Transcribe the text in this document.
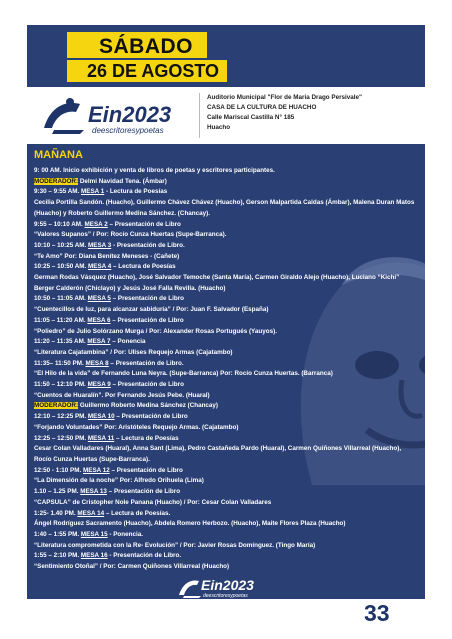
SÁBADO
26 DE AGOSTO
Ein2023
deescritoresypoetas
Auditorio Municipal "Flor de María Drago Persivale"
CASA DE LA CULTURA DE HUACHO
Calle Mariscal Castilla N° 185
Huacho
MAÑANA
9: 00 AM. Inicio exhibición y venta de libros de poetas y escritores participantes.
MODERADOR: Delmi Navidad Tena. (Ámbar)
9:30 – 9:55 AM. MESA 1 - Lectura de Poesías
Cecilia Portilla Sandón. (Huacho), Guillermo Chávez Chávez (Huacho), Gerson Malpartida Caldas (Ámbar), Malena Duran Matos (Huacho) y Roberto Guillermo Medina Sánchez. (Chancay).
9:55 – 10:10 AM. MESA 2 – Presentación de Libro
“Valores Supanos” / Por: Rocío Cunza Huertas (Supe-Barranca).
10:10 – 10:25 AM. MESA 3 - Presentación de Libro.
“Te Amo” Por: Diana Benítez Meneses - (Cañete)
10:25 – 10:50 AM. MESA 4 – Lectura de Poesías
German Rodas Vásquez (Huacho), José Salvador Temoche (Santa María), Carmen Giraldo Alejo (Huacho), Luciano “Kichi” Berger Calderón (Chiclayo) y Jesús José Falla Revilla. (Huacho)
10:50 – 11:05 AM. MESA 5 – Presentación de Libro
“Cuentecillos de luz, para alcanzar sabiduría” / Por: Juan F. Salvador (España)
11:05 – 11:20 AM. MESA 6 – Presentación de Libro
“Poliedro” de Julio Solórzano Murga / Por: Alexander Rosas Portugués (Yauyos).
11:20 – 11:35 AM. MESA 7 – Ponencia
“Literatura Cajatambina” / Por: Ulises Requejo Armas (Cajatambo)
11:35– 11:50 PM. MESA 8 – Presentación de Libro.
“El Hilo de la vida” de Fernando Luna Neyra. (Supe-Barranca) Por: Rocío Cunza Huertas. (Barranca)
11:50 – 12:10 PM. MESA 9 – Presentación de Libro
“Cuentos de Huaralín”. Por Fernando Jesús Pebe. (Huaral)
MODERADOR: Guillermo Roberto Medina Sánchez (Chancay)
12:10 – 12:25 PM. MESA 10 – Presentación de Libro
“Forjando Voluntades” Por: Aristóteles Requejo Armas. (Cajatambo)
12:25 – 12:50 PM. MESA 11 – Lectura de Poesías
Cesar Colan Valladares (Huaral), Anna Sant (Lima), Pedro Castañeda Pardo (Huaral), Carmen Quiñones Villarreal (Huacho), Rocío Cunza Huertas (Supe-Barranca).
12:50 - 1:10 PM. MESA 12 – Presentación de Libro
“La Dimensión de la noche” Por: Alfredo Orihuela (Lima)
1.10 – 1.25 PM. MESA 13 – Presentación de Libro
“CAPSULA” de Cristopher Nole Panana (Huacho) / Por: Cesar Colan Valladares
1:25- 1.40 PM. MESA 14 – Lectura de Poesías.
Ángel Rodríguez Sacramento (Huacho), Abdela Romero Herbozo. (Huacho), Maite Flores Plaza (Huacho)
1:40 – 1:55 PM. MESA 15 - Ponencia.
“Literatura comprometida con la Re- Evolución” / Por: Javier Rosas Domínguez. (Tingo María)
1:55 – 2:10 PM. MESA 16 - Presentación de Libro.
“Sentimiento Otoñal” / Por: Carmen Quiñones Villarreal (Huacho)
Ein2023
deescritoresypoetas
33
